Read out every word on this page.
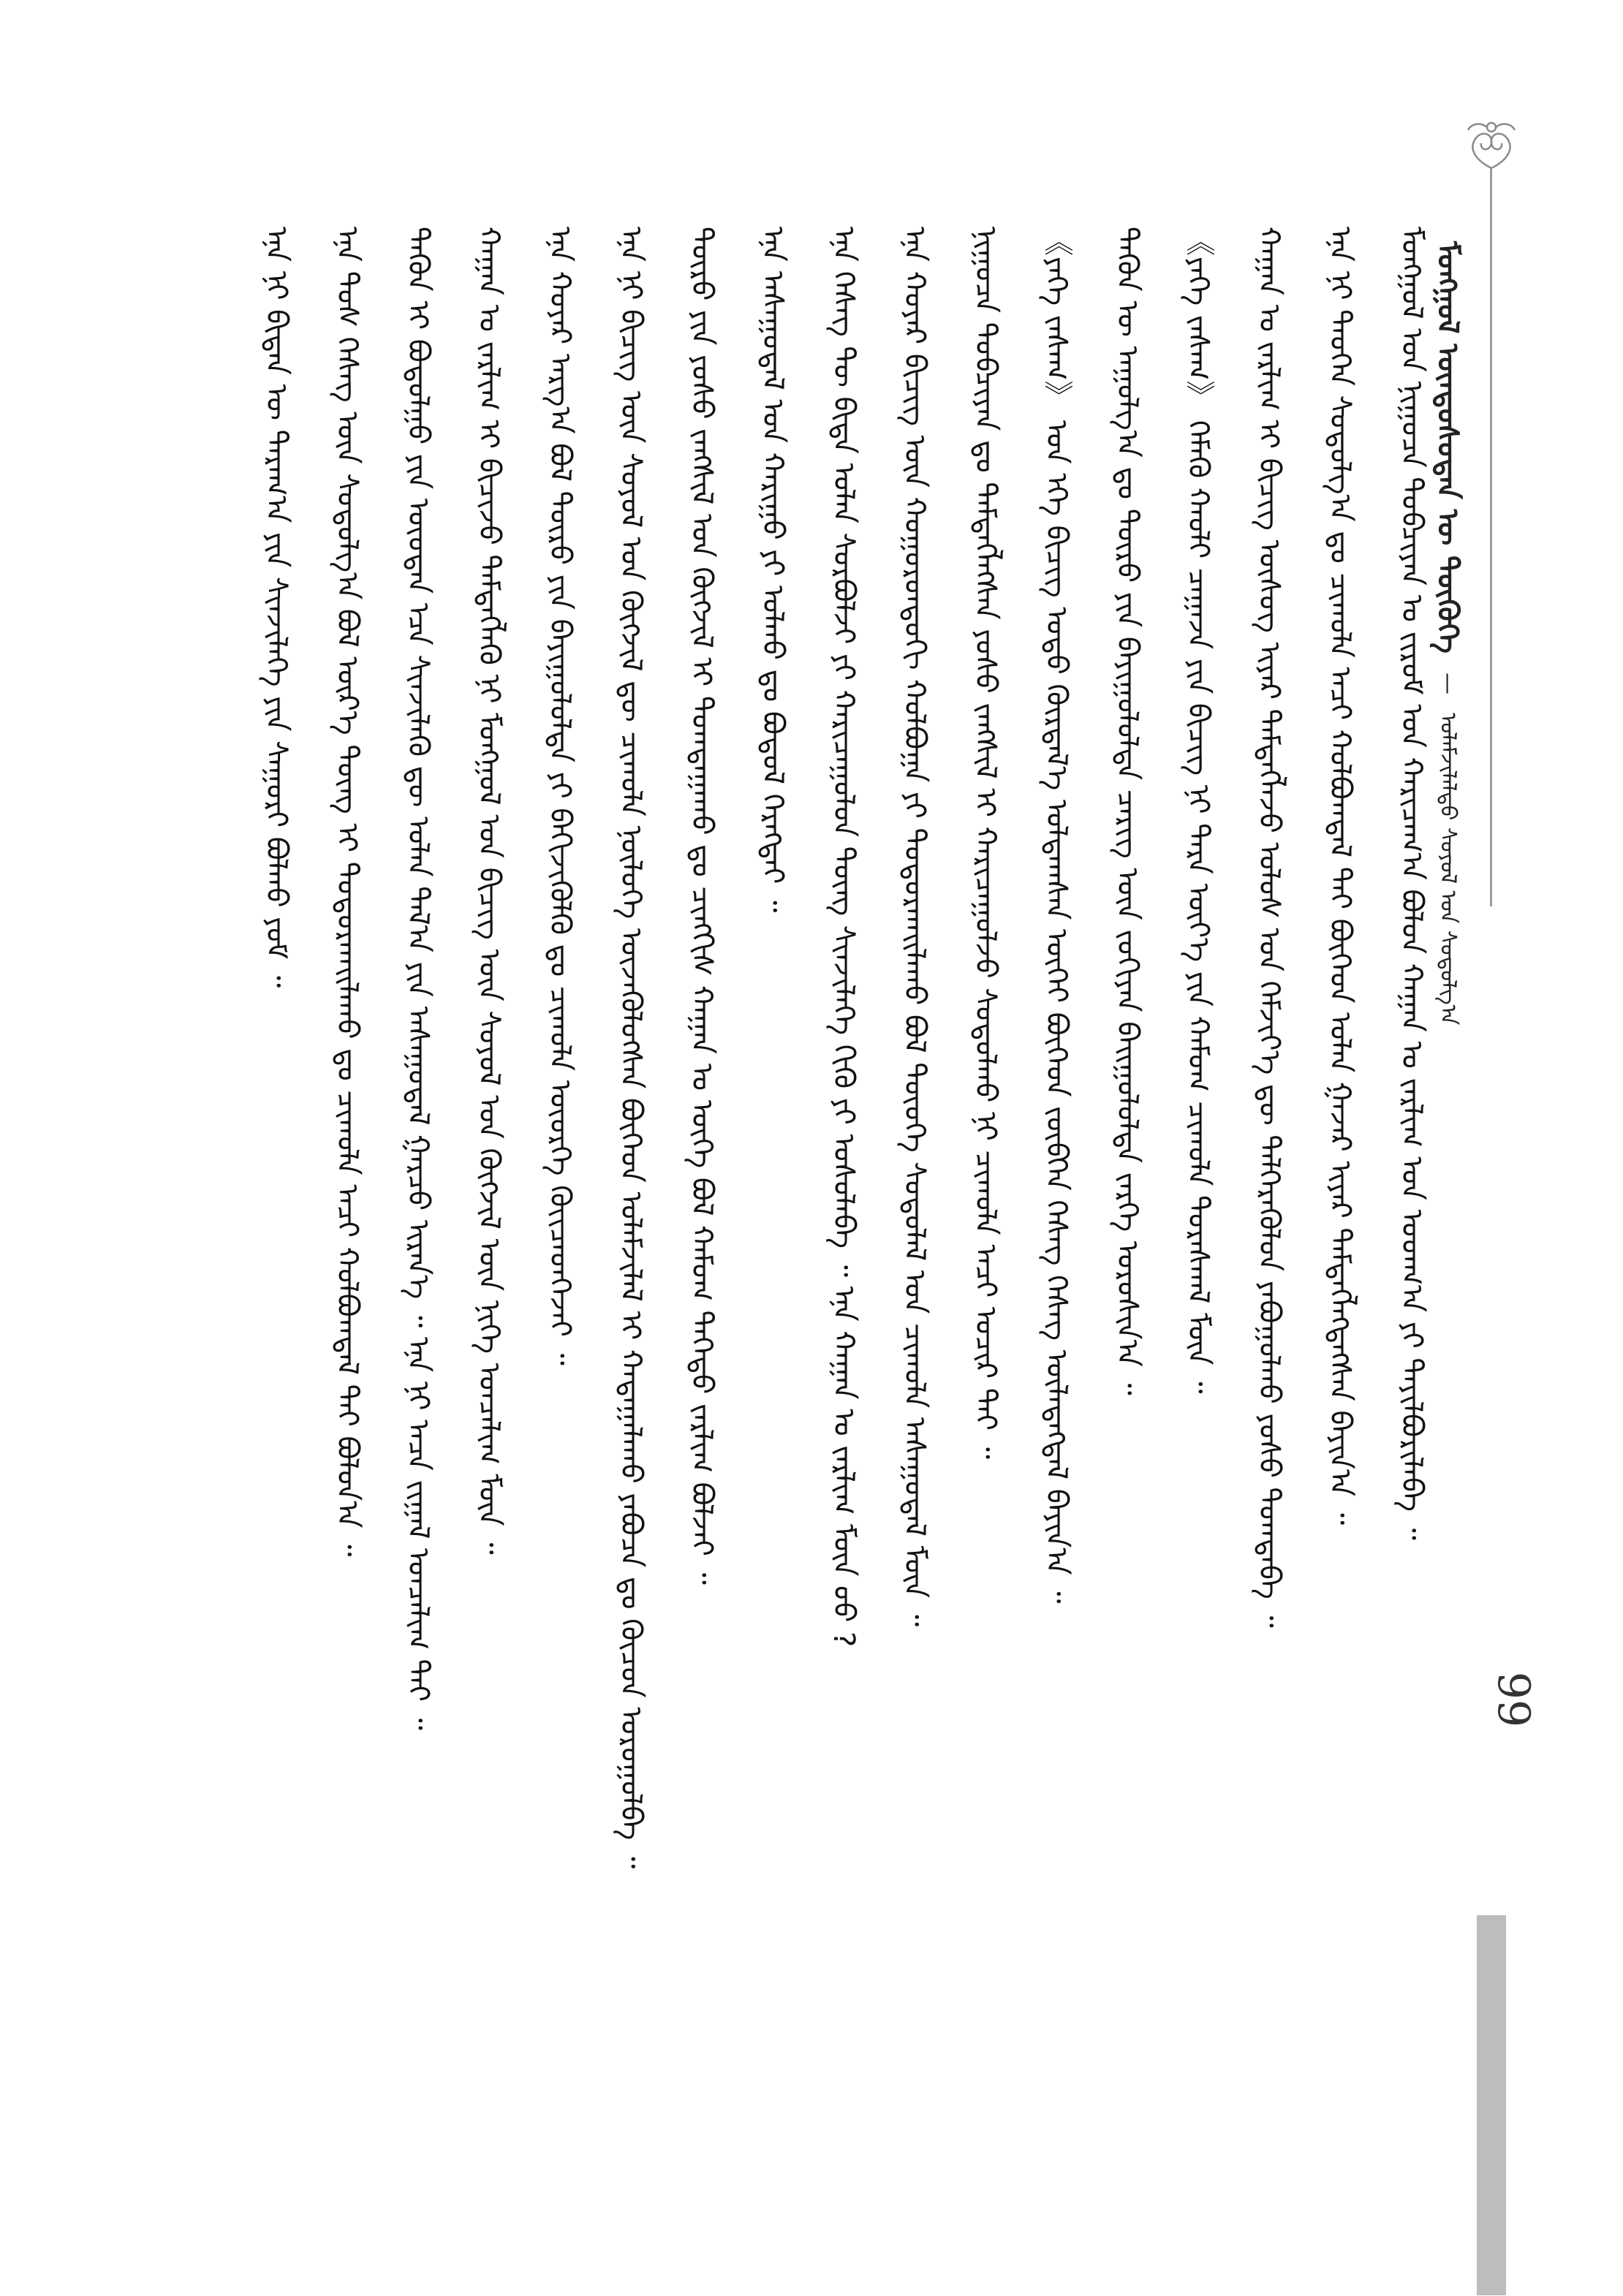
ᠮᠣᠩᠭᠣᠯ ᠦᠨᠳᠦᠰᠦᠲᠡᠨ ᠦ ᠲᠦᠭᠦᠬᠡ — ᠤᠯᠠᠮᠵᠢᠯᠠᠯᠲᠤ ᠰᠣᠶᠣᠯ ᠤᠨ ᠰᠤᠳᠤᠯᠭ᠎ᠠ
ᠮᠣᠩᠭᠣᠯ ᠤᠨ ᠨᠢᠭᠤᠴᠠ ᠲᠣᠪᠴᠢᠶᠠᠨ ᠤ ᠵᠢᠷᠤᠮ ᠤᠨ ᠬᠠᠷᠢᠴᠠᠭ᠎ᠠ ᠪᠣᠯᠤᠨ ᠬᠠᠭᠠᠨ ᠤ ᠵᠠᠷᠯᠢᠭ ᠤᠨ ᠤᠳᠬ᠎ᠠ ᠶᠢ ᠲᠠᠶᠢᠯᠪᠤᠷᠢᠯᠠᠪᠠ ᠃
ᠡᠨᠡ ᠨᠢ ᠲᠡᠦᠬᠡᠨ ᠰᠤᠳᠤᠯᠭ᠎ᠠ ᠳᠤ ᠴᠢᠬᠤᠯᠠ ᠠᠴᠢ ᠬᠣᠯᠪᠣᠭᠳᠠᠯ ᠲᠠᠢ ᠪᠥᠭᠡᠳ ᠣᠯᠠᠨ ᠭᠠᠵᠠᠷ ᠢᠶᠠᠷ ᠲᠡᠮᠳᠡᠭᠯᠡᠭᠳᠡᠭᠰᠡᠨ ᠪᠠᠶᠢᠨ᠎ᠠ ᠃
ᠬᠠᠭᠠᠨ ᠤ ᠵᠠᠷᠯᠢᠭ ᠢ ᠪᠢᠴᠢᠭ ᠦᠰᠦᠭ ᠢᠶᠡᠷ ᠲᠡᠮᠳᠡᠭᠯᠡᠵᠦ ᠤᠯᠤᠰ ᠤᠨ ᠬᠡᠮᠵᠢᠶ᠎ᠡ ᠳᠦ ᠳᠡᠯᠭᠡᠷᠡᠭᠦᠯᠦᠨ ᠶᠠᠪᠤᠭᠤᠯᠬᠤ ᠶᠣᠰᠣ ᠲᠣᠭᠲᠠᠪᠠ ᠃
《ᠶᠡᠬᠡ ᠵᠠᠰᠠᠭ》 ᠬᠡᠮᠡᠬᠦ ᠬᠠᠤᠯᠢ ᠴᠠᠭᠠᠵᠠ ᠶᠢᠨ ᠪᠢᠴᠢᠭ ᠨᠢ ᠲᠡᠷᠡ ᠦᠶ᠎ᠡ ᠶᠢᠨ ᠬᠠᠮᠤᠭ ᠴᠢᠬᠤᠯᠠ ᠳᠤᠷᠠᠰᠬᠠᠯ ᠮᠥᠨ ᠃
ᠲᠡᠭᠦᠨ ᠦ ᠠᠭᠤᠯᠭ᠎ᠠ ᠳᠤ ᠲᠥᠷᠥ ᠶᠢᠨ ᠪᠠᠶᠢᠭᠤᠯᠤᠯᠲᠠ ᠴᠡᠷᠢᠭ ᠦᠨ ᠵᠣᠬᠢᠶᠠᠨ ᠪᠠᠢᠭᠤᠯᠤᠯᠲᠠ ᠵᠡᠷᠭᠡ ᠣᠷᠣᠰᠢᠨ᠎ᠠ ᠃
《ᠶᠡᠬᠡ ᠵᠠᠰᠠᠭ》 ᠤᠨ ᠡᠬᠡ ᠪᠢᠴᠢᠭ ᠣᠳᠣ ᠬᠦᠷᠲᠡᠯ᠎ᠡ ᠣᠯᠳᠠᠭᠰᠠᠨ ᠦᠭᠡᠢ ᠪᠥᠭᠡᠳ ᠵᠦᠪᠬᠡᠨ ᠬᠡᠰᠡᠭ ᠬᠡᠰᠡᠭ ᠦᠯᠡᠳᠡᠭᠳᠡᠯ ᠪᠠᠶᠢᠨ᠎ᠠ ᠃
ᠨᠢᠭᠤᠴᠠ ᠲᠣᠪᠴᠢᠶᠠᠨ ᠳᠤ ᠲᠡᠮᠳᠡᠭᠯᠡᠭᠰᠡᠨ ᠶᠣᠰᠣ ᠵᠠᠩᠰᠢᠯ ᠢ ᠬᠠᠷᠢᠴᠠᠭᠤᠯᠵᠤ ᠰᠤᠳᠤᠯᠬᠤ ᠨᠢ ᠴᠢᠬᠤᠯᠠ ᠠᠴᠢ ᠤᠴᠢᠷ ᠲᠠᠢ ᠃
ᠡᠨᠡ ᠬᠣᠶᠠᠷ ᠪᠢᠴᠢᠭ ᠦᠨ ᠬᠣᠭᠣᠷᠤᠨᠳᠤᠬᠢ ᠬᠣᠯᠪᠣᠭᠠ ᠶᠢ ᠲᠣᠳᠤᠷᠬᠠᠢᠯᠠᠬᠤ ᠪᠣᠯ ᠲᠦᠦᠬᠡ ᠰᠤᠳᠤᠯᠠᠯ ᠤᠨ ᠴᠢᠬᠤᠯᠠ ᠠᠰᠠᠭᠤᠳᠠᠯ ᠮᠥᠨ ᠃
ᠡᠨᠡ ᠬᠡᠰᠡᠭ ᠲᠦ ᠪᠢᠳᠡ ᠣᠯᠠᠨ ᠰᠤᠷᠪᠤᠯᠵᠢ ᠶᠢ ᠬᠠᠷᠢᠴᠠᠭᠤᠯᠤᠨ ᠳᠦᠩ ᠰᠢᠨᠵᠢᠯᠡᠭᠡ ᠬᠢᠬᠦ ᠶᠢ ᠣᠰᠣᠯᠠᠪᠠ ᠃ ᠡᠨᠡ ᠬᠠᠭᠠᠨ ᠤ ᠵᠠᠷᠯᠢᠭ ᠮᠥᠨ ᠤᠤ ?
ᠡᠨᠡ ᠠᠰᠠᠭᠤᠳᠠᠯ ᠤᠨ ᠬᠠᠷᠢᠭᠤ ᠶᠢ ᠣᠯᠬᠤ ᠳᠤ ᠪᠣᠳᠣᠯ ᠬᠡᠷᠡᠭᠲᠡᠢ ᠃
ᠲᠥᠷᠥ ᠶᠢᠨ ᠶᠣᠰᠣ ᠵᠠᠩᠰᠢᠯ ᠤᠨ ᠬᠥᠭᠵᠢᠯ ᠢ ᠲᠣᠭᠲᠠᠭᠠᠬᠤ ᠳᠤ ᠴᠢᠩᠭᠢᠰ ᠬᠠᠭᠠᠨ ᠤ ᠦᠭᠡ ᠪᠣᠯ ᠬᠠᠮᠤᠭ ᠳᠡᠭᠡᠳᠦ ᠵᠠᠷᠯᠢᠭ ᠪᠣᠯᠵᠠᠢ ᠃
ᠡᠨᠡ ᠨᠢ ᠪᠢᠴᠢᠭ ᠦᠨ ᠰᠣᠶᠣᠯ ᠤᠨ ᠬᠥᠭᠵᠢᠯ ᠳᠦ ᠴᠢᠬᠤᠯᠠ ᠨᠥᠯᠦᠭᠡ ᠦᠵᠡᠭᠦᠯᠦᠭᠰᠡᠨ ᠪᠥᠭᠡᠳ ᠤᠯᠠᠮᠵᠢᠯᠠᠯ ᠢ ᠬᠠᠳᠠᠭᠠᠯᠠᠬᠤ ᠶᠠᠪᠤᠴᠠ ᠳᠤ ᠬᠦᠴᠦᠨ ᠣᠷᠣᠭᠤᠯᠪᠠ ᠃
ᠡᠨᠡ ᠬᠣᠶᠠᠷ ᠠᠷᠭ᠎ᠠ ᠪᠣᠯ ᠲᠦᠷᠦ ᠶᠢᠨ ᠪᠠᠶᠢᠭᠤᠯᠤᠯᠲᠠ ᠶᠢ ᠪᠡᠬᠢᠵᠢᠭᠦᠯᠬᠦ ᠳᠤ ᠴᠢᠬᠤᠯᠠ ᠦᠦᠷᠭᠡ ᠭᠦᠢᠴᠡᠳᠭᠡᠵᠡᠢ ᠃
ᠬᠠᠭᠠᠨ ᠤ ᠵᠠᠷᠯᠢᠭ ᠢ ᠪᠢᠴᠢᠵᠦ ᠲᠡᠮᠳᠡᠭᠯᠡᠬᠦ ᠨᠢ ᠮᠣᠩᠭᠣᠯ ᠤᠨ ᠪᠢᠴᠢᠭ ᠦᠨ ᠰᠣᠶᠣᠯ ᠤᠨ ᠬᠥᠭᠵᠢᠯ ᠦᠨ ᠨᠢᠭᠡ ᠣᠨᠴᠠᠯᠢᠭ ᠮᠥᠨ ᠃
ᠲᠡᠭᠦᠨ ᠢ ᠪᠣᠳᠣᠯᠭᠤ ᠶᠢᠨ ᠦᠦᠳᠡᠨ ᠡᠴᠡ ᠰᠢᠨᠵᠢᠯᠡᠬᠦ ᠳᠦ ᠣᠯᠠᠨ ᠲᠠᠯ᠎ᠠ ᠶᠢᠨ ᠠᠰᠠᠭᠤᠳᠠᠯ ᠭᠠᠷᠴᠤ ᠢᠷᠡᠨ᠎ᠡ ᠃ ᠡᠨᠡ ᠨᠢ ᠠᠴᠠ ᠵᠢᠭᠠᠯ ᠣᠨᠴᠠᠯᠢᠭ ᠲᠠᠢ ᠃
ᠡᠨᠡ ᠲᠤᠰ ᠬᠡᠰᠡᠭ ᠦᠨ ᠰᠤᠳᠤᠯᠭ᠎ᠠ ᠪᠣᠯ ᠦᠷ᠎ᠡ ᠳᠦᠩ ᠢ ᠲᠣᠳᠤᠷᠬᠠᠢᠯᠠᠬᠤ ᠳᠤ ᠴᠢᠬᠤᠯᠠ ᠠᠴᠢ ᠬᠣᠯᠪᠣᠭᠳᠠᠯ ᠲᠠᠢ ᠪᠣᠯᠤᠨ᠎ᠠ ᠃
ᠡᠨᠡ ᠨᠢ ᠪᠢᠳᠡᠨ ᠦ ᠳᠠᠷᠠᠭ᠎ᠠ ᠶᠢᠨ ᠰᠢᠨᠵᠢᠯᠡᠭᠡ ᠶᠢᠨ ᠰᠠᠭᠤᠷᠢ ᠪᠣᠯᠬᠤ ᠶᠣᠮ ᠃
99
